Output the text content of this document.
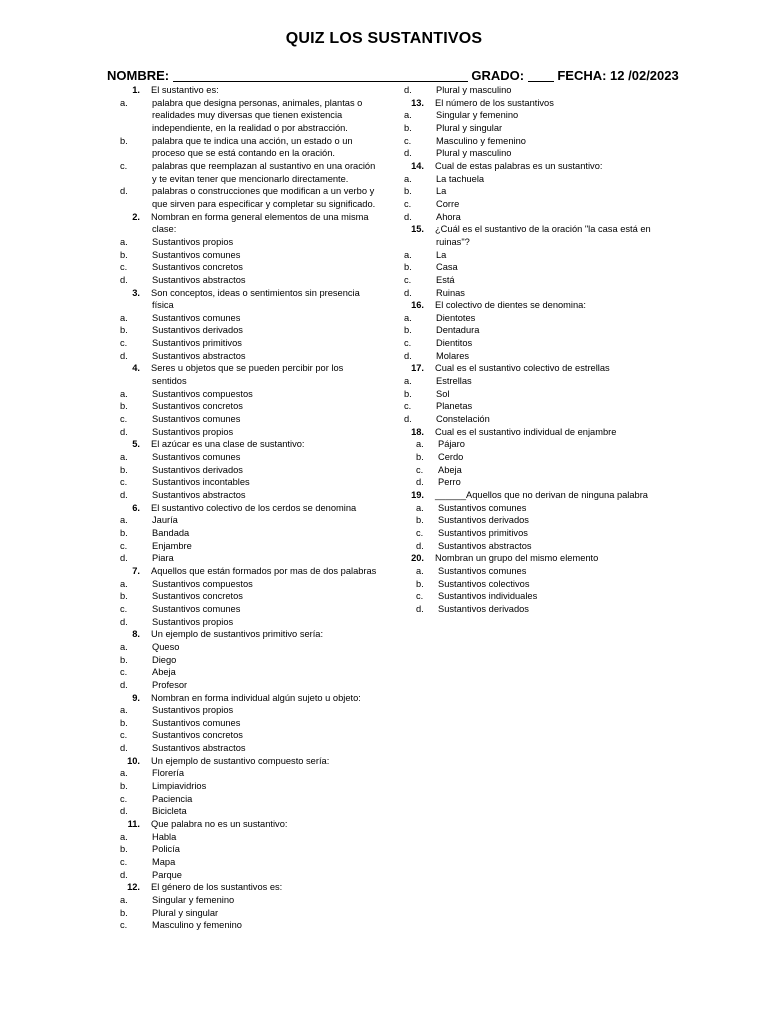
QUIZ LOS SUSTANTIVOS
NOMBRE:	GRADO:	FECHA: 12 /02/2023
1.	El sustantivo es:
a.	palabra que designa personas, animales, plantas o
realidades muy diversas que tienen existencia
independiente, en la realidad o por abstracción.
b.	palabra que te indica una acción, un estado o un
proceso que se está contando en la oración.
c.	palabras que reemplazan al sustantivo en una oración
y te evitan tener que mencionarlo directamente.
d.	palabras o construcciones que modifican a un verbo y
que sirven para especificar y completar su significado.
2.	Nombran en forma general elementos de una misma
clase:
a.	Sustantivos propios
b.	Sustantivos comunes
c.	Sustantivos concretos
d.	Sustantivos abstractos
3.	Son conceptos, ideas o sentimientos sin presencia
física
a.	Sustantivos comunes
b.	Sustantivos derivados
c.	Sustantivos primitivos
d.	Sustantivos abstractos
4.	Seres u objetos que se pueden percibir por los
sentidos
a.	Sustantivos compuestos
b.	Sustantivos concretos
c.	Sustantivos comunes
d.	Sustantivos propios
5.	El azúcar es una clase de sustantivo:
a.	Sustantivos comunes
b.	Sustantivos derivados
c.	Sustantivos incontables
d.	Sustantivos abstractos
6.	El sustantivo colectivo de los cerdos se denomina
a.	Jauría
b.	Bandada
c.	Enjambre
d.	Piara
7.	Aquellos que están formados por mas de dos palabras
a.	Sustantivos compuestos
b.	Sustantivos concretos
c.	Sustantivos comunes
d.	Sustantivos propios
8.	Un ejemplo de sustantivos primitivo sería:
a.	Queso
b.	Diego
c.	Abeja
d.	Profesor
9.	Nombran en forma individual algún sujeto u objeto:
a.	Sustantivos propios
b.	Sustantivos comunes
c.	Sustantivos concretos
d.	Sustantivos abstractos
10.	Un ejemplo de sustantivo compuesto sería:
a.	Florería
b.	Limpiavidrios
c.	Paciencia
d.	Bicicleta
11.	Que palabra no es un sustantivo:
a.	Habla
b.	Policía
c.	Mapa
d.	Parque
12.	El género de los sustantivos es:
a.	Singular y femenino
b.	Plural y singular
c.	Masculino y femenino
d.	Plural y masculino
13.	El número de los sustantivos
a.	Singular y femenino
b.	Plural y singular
c.	Masculino y femenino
d.	Plural y masculino
14.	Cual de estas palabras es un sustantivo:
a.	La tachuela
b.	La
c.	Corre
d.	Ahora
15.	¿Cuál es el sustantivo de la oración "la casa está en
ruinas"?
a.	La
b.	Casa
c.	Está
d.	Ruinas
16.	El colectivo de dientes se denomina:
a.	Dientotes
b.	Dentadura
c.	Dientitos
d.	Molares
17.	Cual es el sustantivo colectivo de estrellas
a.	Estrellas
b.	Sol
c.	Planetas
d.	Constelación
18.	Cual es el sustantivo individual de enjambre
a.	Pájaro
b.	Cerdo
c.	Abeja
d.	Perro
19.	______Aquellos que no derivan de ninguna palabra
a.	Sustantivos comunes
b.	Sustantivos derivados
c.	Sustantivos primitivos
d.	Sustantivos abstractos
20.	Nombran un grupo del mismo elemento
a.	Sustantivos comunes
b.	Sustantivos colectivos
c.	Sustantivos individuales
d.	Sustantivos derivados
